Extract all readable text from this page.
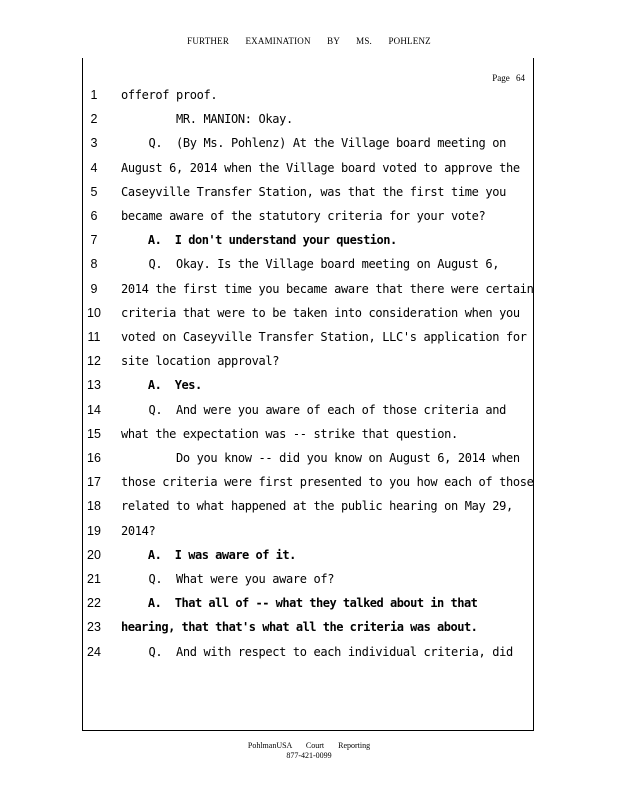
FURTHER EXAMINATION BY MS. POHLENZ
Page 64
1	offerof proof.
2	MR. MANION: Okay.
3	Q.  (By Ms. Pohlenz) At the Village board meeting on
4	August 6, 2014 when the Village board voted to approve the
5	Caseyville Transfer Station, was that the first time you
6	became aware of the statutory criteria for your vote?
7	A.  I don't understand your question.
8	Q.  Okay. Is the Village board meeting on August 6,
9	2014 the first time you became aware that there were certain
10 criteria that were to be taken into consideration when you
11 voted on Caseyville Transfer Station, LLC's application for
12 site location approval?
13 A.  Yes.
14 Q.  And were you aware of each of those criteria and
15 what the expectation was -- strike that question.
16 Do you know -- did you know on August 6, 2014 when
17 those criteria were first presented to you how each of those
18 related to what happened at the public hearing on May 29,
19 2014?
20 A.  I was aware of it.
21 Q.  What were you aware of?
22 A.  That all of -- what they talked about in that
23 hearing, that that's what all the criteria was about.
24 Q.  And with respect to each individual criteria, did
PohlmanUSA Court Reporting
877-421-0099
